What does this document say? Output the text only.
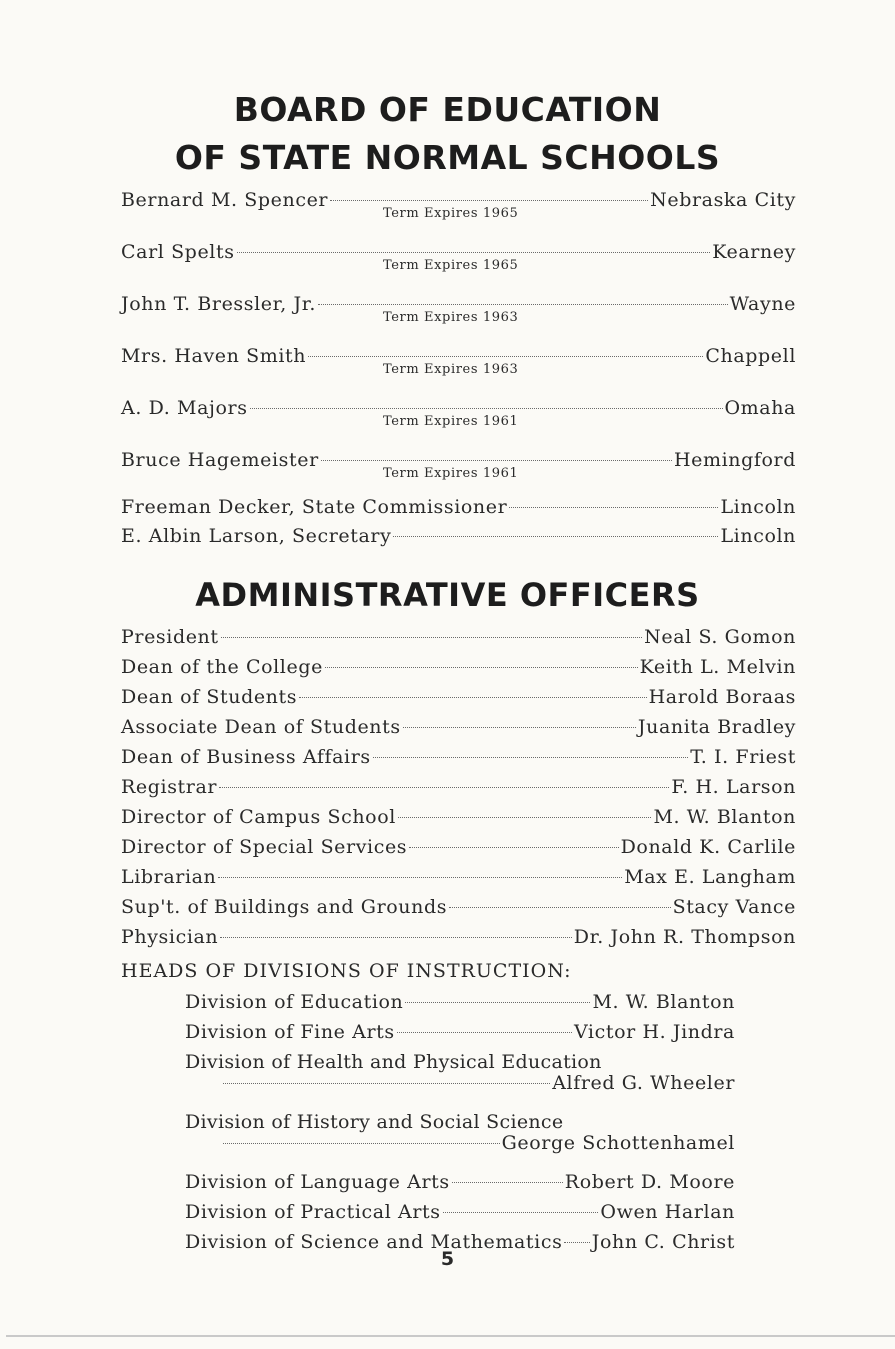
BOARD OF EDUCATION
OF STATE NORMAL SCHOOLS
Bernard M. Spencer	Nebraska City
Term Expires 1965
Carl Spelts	Kearney
Term Expires 1965
John T. Bressler, Jr.	Wayne
Term Expires 1963
Mrs. Haven Smith	Chappell
Term Expires 1963
A. D. Majors	Omaha
Term Expires 1961
Bruce Hagemeister	Hemingford
Term Expires 1961
Freeman Decker, State Commissioner	Lincoln
E. Albin Larson, Secretary	Lincoln
ADMINISTRATIVE OFFICERS
President	Neal S. Gomon
Dean of the College	Keith L. Melvin
Dean of Students	Harold Boraas
Associate Dean of Students	Juanita Bradley
Dean of Business Affairs	T. I. Friest
Registrar	F. H. Larson
Director of Campus School	M. W. Blanton
Director of Special Services	Donald K. Carlile
Librarian	Max E. Langham
Sup't. of Buildings and Grounds	Stacy Vance
Physician	Dr. John R. Thompson
HEADS OF DIVISIONS OF INSTRUCTION:
Division of Education	M. W. Blanton
Division of Fine Arts	Victor H. Jindra
Division of Health and Physical Education
Alfred G. Wheeler
Division of History and Social Science
George Schottenhamel
Division of Language Arts	Robert D. Moore
Division of Practical Arts	Owen Harlan
Division of Science and Mathematics John C. Christ
5
